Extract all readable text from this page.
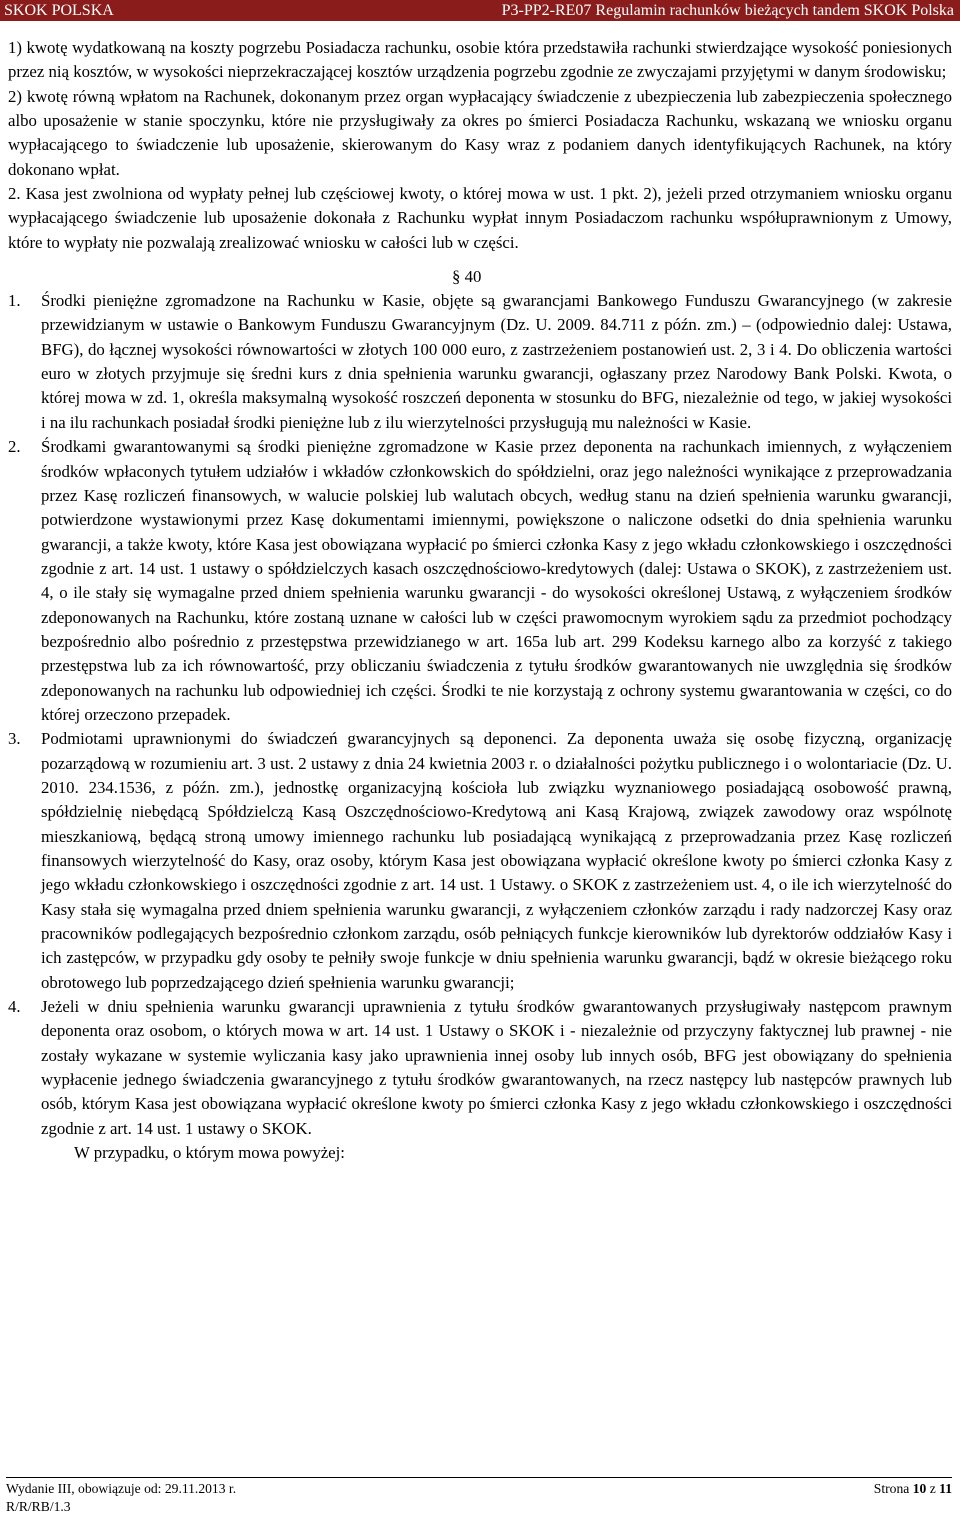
SKOK POLSKA	P3-PP2-RE07 Regulamin rachunków bieżących tandem SKOK Polska

1) kwotę wydatkowaną na koszty pogrzebu Posiadacza rachunku, osobie która przedstawiła rachunki stwierdzające wysokość poniesionych przez nią kosztów, w wysokości nieprzekraczającej kosztów urządzenia pogrzebu zgodnie ze zwyczajami przyjętymi w danym środowisku;

2) kwotę równą wpłatom na Rachunek, dokonanym przez organ wypłacający świadczenie z ubezpieczenia lub zabezpieczenia społecznego albo uposażenie w stanie spoczynku, które nie przysługiwały za okres po śmierci Posiadacza Rachunku, wskazaną we wniosku organu wypłacającego to świadczenie lub uposażenie, skierowanym do Kasy wraz z podaniem danych identyfikujących Rachunek, na który dokonano wpłat.

2. Kasa jest zwolniona od wypłaty pełnej lub częściowej kwoty, o której mowa w ust. 1 pkt. 2), jeżeli przed otrzymaniem wniosku organu wypłacającego świadczenie lub uposażenie dokonała z Rachunku wypłat innym Posiadaczom rachunku współuprawnionym z Umowy, które to wypłaty nie pozwalają zrealizować wniosku w całości lub w części.

§ 40
1. Środki pieniężne zgromadzone na Rachunku w Kasie, objęte są gwarancjami Bankowego Funduszu Gwarancyjnego (w zakresie przewidzianym w ustawie o Bankowym Funduszu Gwarancyjnym (Dz. U. 2009. 84.711 z późn. zm.) ‒ (odpowiednio dalej: Ustawa, BFG), do łącznej wysokości równowartości w złotych 100 000 euro, z zastrzeżeniem postanowień ust. 2, 3 i 4. Do obliczenia wartości euro w złotych przyjmuje się średni kurs z dnia spełnienia warunku gwarancji, ogłaszany przez Narodowy Bank Polski. Kwota, o której mowa w zd. 1, określa maksymalną wysokość roszczeń deponenta w stosunku do BFG, niezależnie od tego, w jakiej wysokości i na ilu rachunkach posiadał środki pieniężne lub z ilu wierzytelności przysługują mu należności w Kasie.

2. Środkami gwarantowanymi są środki pieniężne zgromadzone w Kasie przez deponenta na rachunkach imiennych, z wyłączeniem środków wpłaconych tytułem udziałów i wkładów członkowskich do spółdzielni, oraz jego należności wynikające z przeprowadzania przez Kasę rozliczeń finansowych, w walucie polskiej lub walutach obcych, według stanu na dzień spełnienia warunku gwarancji, potwierdzone wystawionymi przez Kasę dokumentami imiennymi, powiększone o naliczone odsetki do dnia spełnienia warunku gwarancji, a także kwoty, które Kasa jest obowiązana wypłacić po śmierci członka Kasy z jego wkładu członkowskiego i oszczędności zgodnie z art. 14 ust. 1 ustawy o spółdzielczych kasach oszczędnościowo-kredytowych (dalej: Ustawa o SKOK), z zastrzeżeniem ust. 4, o ile stały się wymagalne przed dniem spełnienia warunku gwarancji - do wysokości określonej Ustawą, z wyłączeniem środków zdeponowanych na Rachunku, które zostaną uznane w całości lub w części prawomocnym wyrokiem sądu za przedmiot pochodzący bezpośrednio albo pośrednio z przestępstwa przewidzianego w art. 165a lub art. 299 Kodeksu karnego albo za korzyść z takiego przestępstwa lub za ich równowartość, przy obliczaniu świadczenia z tytułu środków gwarantowanych nie uwzględnia się środków zdeponowanych na rachunku lub odpowiedniej ich części. Środki te nie korzystają z ochrony systemu gwarantowania w części, co do której orzeczono przepadek.

3. Podmiotami uprawnionymi do świadczeń gwarancyjnych są deponenci. Za deponenta uważa się osobę fizyczną, organizację pozarządową w rozumieniu art. 3 ust. 2 ustawy z dnia 24 kwietnia 2003 r. o działalności pożytku publicznego i o wolontariacie (Dz. U. 2010. 234.1536, z późn. zm.), jednostkę organizacyjną kościoła lub związku wyznaniowego posiadającą osobowość prawną, spółdzielnię niebędącą Spółdzielczą Kasą Oszczędnościowo-Kredytową ani Kasą Krajową, związek zawodowy oraz wspólnotę mieszkaniową, będącą stroną umowy imiennego rachunku lub posiadającą wynikającą z przeprowadzania przez Kasę rozliczeń finansowych wierzytelność do Kasy, oraz osoby, którym Kasa jest obowiązana wypłacić określone kwoty po śmierci członka Kasy z jego wkładu członkowskiego i oszczędności zgodnie z art. 14 ust. 1 Ustawy. o SKOK z zastrzeżeniem ust. 4, o ile ich wierzytelność do Kasy stała się wymagalna przed dniem spełnienia warunku gwarancji, z wyłączeniem członków zarządu i rady nadzorczej Kasy oraz pracowników podlegających bezpośrednio członkom zarządu, osób pełniących funkcje kierowników lub dyrektorów oddziałów Kasy i ich zastępców, w przypadku gdy osoby te pełniły swoje funkcje w dniu spełnienia warunku gwarancji, bądź w okresie bieżącego roku obrotowego lub poprzedzającego dzień spełnienia warunku gwarancji;

4. Jeżeli w dniu spełnienia warunku gwarancji uprawnienia z tytułu środków gwarantowanych przysługiwały następcom prawnym deponenta oraz osobom, o których mowa w art. 14 ust. 1 Ustawy o SKOK i - niezależnie od przyczyny faktycznej lub prawnej - nie zostały wykazane w systemie wyliczania kasy jako uprawnienia innej osoby lub innych osób, BFG jest obowiązany do spełnienia wypłacenie jednego świadczenia gwarancyjnego z tytułu środków gwarantowanych, na rzecz następcy lub następców prawnych lub osób, którym Kasa jest obowiązana wypłacić określone kwoty po śmierci członka Kasy z jego wkładu członkowskiego i oszczędności zgodnie z art. 14 ust. 1 ustawy o SKOK.

W przypadku, o którym mowa powyżej:

Wydanie III, obowiązuje od: 29.11.2013 r.
R/R/RB/1.3
Strona 10 z 11
